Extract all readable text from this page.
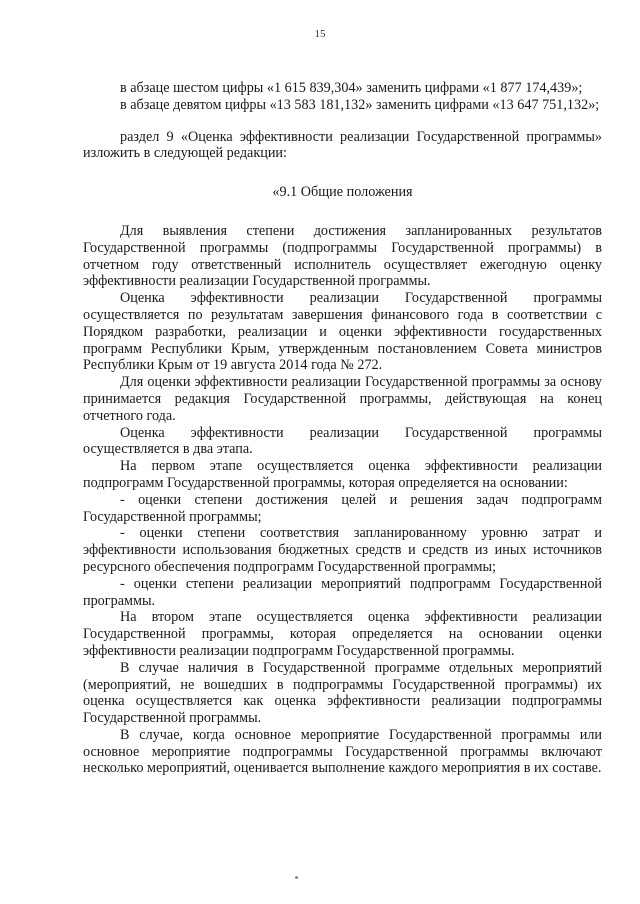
15

в абзаце шестом цифры «1 615 839,304» заменить цифрами «1 877 174,439»;

в абзаце девятом цифры «13 583 181,132» заменить цифрами «13 647 751,132»;

раздел 9 «Оценка эффективности реализации Государственной программы» изложить в следующей редакции:

«9.1 Общие положения

Для выявления степени достижения запланированных результатов Государственной программы (подпрограммы Государственной программы) в отчетном году ответственный исполнитель осуществляет ежегодную оценку эффективности реализации Государственной программы.

Оценка эффективности реализации Государственной программы осуществляется по результатам завершения финансового года в соответствии с Порядком разработки, реализации и оценки эффективности государственных программ Республики Крым, утвержденным постановлением Совета министров Республики Крым от 19 августа 2014 года № 272.

Для оценки эффективности реализации Государственной программы за основу принимается редакция Государственной программы, действующая на конец отчетного года.

Оценка эффективности реализации Государственной программы осуществляется в два этапа.

На первом этапе осуществляется оценка эффективности реализации подпрограмм Государственной программы, которая определяется на основании:

- оценки степени достижения целей и решения задач подпрограмм Государственной программы;

- оценки степени соответствия запланированному уровню затрат и эффективности использования бюджетных средств и средств из иных источников ресурсного обеспечения подпрограмм Государственной программы;

- оценки степени реализации мероприятий подпрограмм Государственной программы.

На втором этапе осуществляется оценка эффективности реализации Государственной программы, которая определяется на основании оценки эффективности реализации подпрограмм Государственной программы.

В случае наличия в Государственной программе отдельных мероприятий (мероприятий, не вошедших в подпрограммы Государственной программы) их оценка осуществляется как оценка эффективности реализации подпрограммы Государственной программы.

В случае, когда основное мероприятие Государственной программы или основное мероприятие подпрограммы Государственной программы включают несколько мероприятий, оценивается выполнение каждого мероприятия в их составе.
